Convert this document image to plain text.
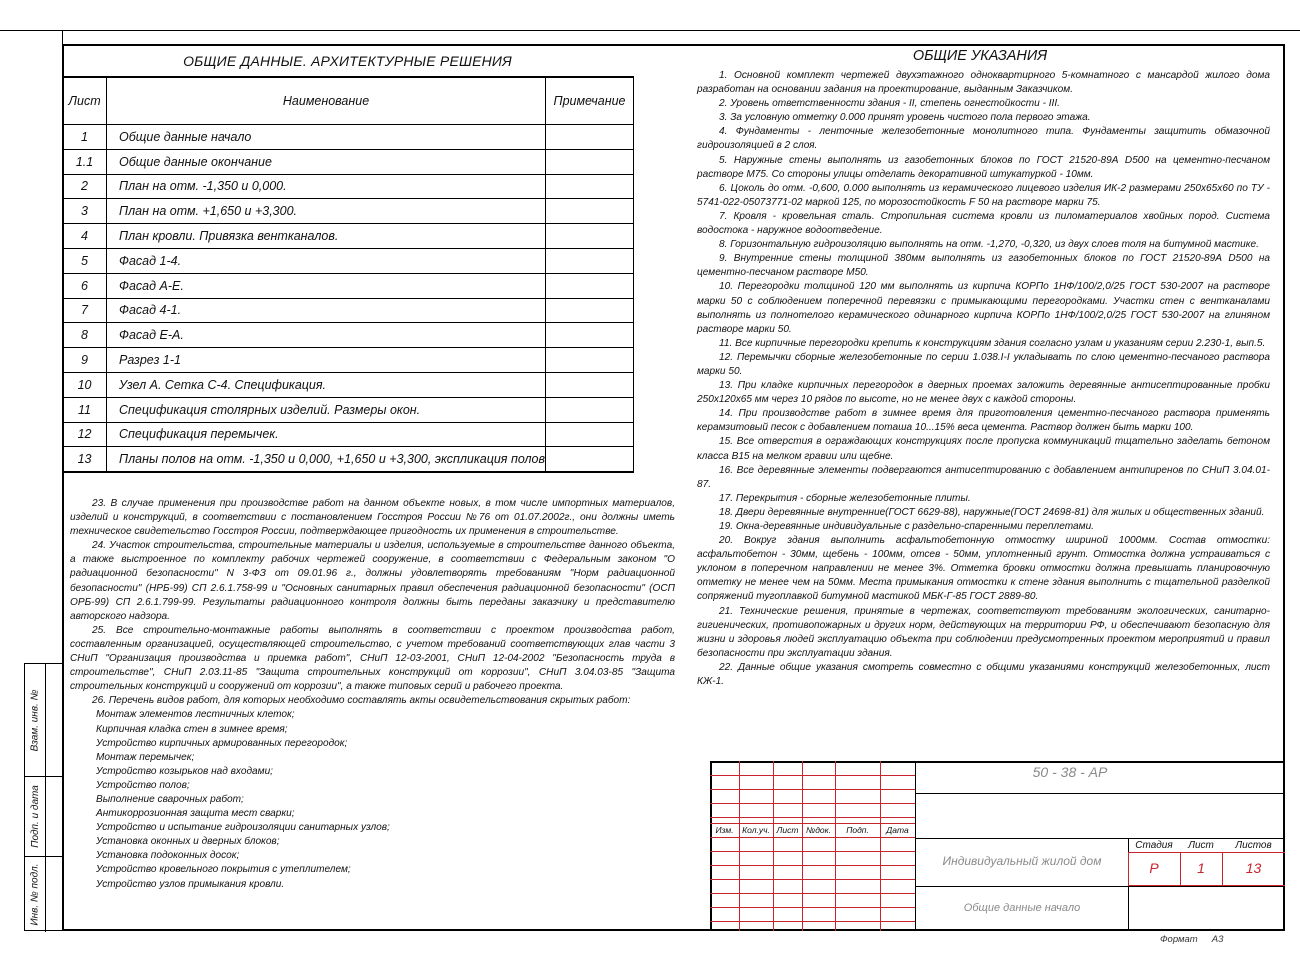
Взам. инв. №
Подп. и дата
Инв. № подл.
ОБЩИЕ ДАННЫЕ. АРХИТЕКТУРНЫЕ РЕШЕНИЯ
Лист	Наименование	Примечание
1	Общие данные начало	
1.1	Общие данные окончание	
2	План на отм. -1,350 и 0,000.	
3	План на отм. +1,650 и +3,300.	
4	План кровли. Привязка вентканалов.	
5	Фасад 1-4.	
6	Фасад А-Е.	
7	Фасад 4-1.	
8	Фасад Е-А.	
9	Разрез 1-1	
10	Узел А. Сетка С-4. Спецификация.	
11	Спецификация столярных изделий. Размеры окон.	
12	Спецификация перемычек.	
13	Планы полов на отм. -1,350 и 0,000, +1,650 и +3,300, экспликация полов	
ОБЩИЕ УКАЗАНИЯ

1. Основной комплект чертежей двухэтажного одноквартирного 5-комнатного с мансардой жилого дома разработан на основании задания на проектирование, выданным Заказчиком.

2. Уровень ответственности здания - II, степень огнестойкости - III.

3. За условную отметку 0.000 принят уровень чистого пола первого этажа.

4. Фундаменты - ленточные железобетонные монолитного типа. Фундаменты защитить обмазочной гидроизоляцией в 2 слоя.

5. Наружные стены выполнять из газобетонных блоков по ГОСТ 21520-89А D500 на цементно-песчаном растворе М75. Со стороны улицы отделать декоративной штукатуркой - 10мм.

6. Цоколь до отм. -0,600, 0.000 выполнять из керамического лицевого изделия ИК-2 размерами 250х65х60 по ТУ - 5741-022-05073771-02 маркой 125, по морозостойкость F 50 на растворе марки 75.

7. Кровля - кровельная сталь. Стропильная система кровли из пиломатериалов хвойных пород. Система водостока - наружное водоотведение.

8. Горизонтальную гидроизоляцию выполнять на отм. -1,270, -0,320, из двух слоев толя на битумной мастике.

9. Внутренние стены толщиной 380мм выполнять из газобетонных блоков по ГОСТ 21520-89А D500 на цементно-песчаном растворе М50.

10. Перегородки толщиной 120 мм выполнять из кирпича КОРПо 1НФ/100/2,0/25 ГОСТ 530-2007 на растворе марки 50 с соблюдением поперечной перевязки с примыкающими перегородками. Участки стен с вентканалами выполнять из полнотелого керамического одинарного кирпича КОРПо 1НФ/100/2,0/25 ГОСТ 530-2007 на глиняном растворе марки 50.

11. Все кирпичные перегородки крепить к конструкциям здания согласно узлам и указаниям серии 2.230-1, вып.5.

12. Перемычки сборные железобетонные по серии 1.038.I-I укладывать по слою цементно-песчаного раствора марки 50.

13. При кладке кирпичных перегородок в дверных проемах заложить деревянные антисептированные пробки 250х120х65 мм через 10 рядов по высоте, но не менее двух с каждой стороны.

14. При производстве работ в зимнее время для приготовления цементно-песчаного раствора применять керамзитовый песок с добавлением поташа 10...15% веса цемента. Раствор должен быть марки 100.

15. Все отверстия в ограждающих конструкциях после пропуска коммуникаций тщательно заделать бетоном класса В15 на мелком гравии или щебне.

16. Все деревянные элементы подвергаются антисептированию с добавлением антипиренов по СНиП 3.04.01-87.

17. Перекрытия - сборные железобетонные плиты.

18. Двери деревянные внутренние(ГОСТ 6629-88), наружные(ГОСТ 24698-81) для жилых и общественных зданий.

19. Окна-деревянные индивидуальные с раздельно-спаренными переплетами.

20. Вокруг здания выполнить асфальтобетонную отмостку шириной 1000мм. Состав отмостки: асфальтобетон - 30мм, щебень - 100мм, отсев - 50мм, уплотненный грунт. Отмостка должна устраиваться с уклоном в поперечном направлении не менее 3%. Отметка бровки отмостки должна превышать планировочную отметку не менее чем на 50мм. Места примыкания отмостки к стене здания выполнить с тщательной разделкой сопряжений тугоплавкой битумной мастикой МБК-Г-85 ГОСТ 2889-80.

21. Технические решения, принятые в чертежах, соответствуют требованиям экологических, санитарно-гигиенических, противопожарных и других норм, действующих на территории РФ, и обеспечивают безопасную для жизни и здоровья людей эксплуатацию объекта при соблюдении предусмотренных проектом мероприятий и правил безопасности при эксплуатации здания.

22. Данные общие указания смотреть совместно с общими указаниями конструкций железобетонных, лист КЖ-1.

23. В случае применения при производстве работ на данном объекте новых, в том числе импортных материалов, изделий и конструкций, в соответствии с постановлением Госстроя России №76 от 01.07.2002г., они должны иметь техническое свидетельство Госстроя России, подтверждающее пригодность их применения в строительстве.

24. Участок строительства, строительные материалы и изделия, используемые в строительстве данного объекта, а также выстроенное по комплекту рабочих чертежей сооружение, в соответствии с Федеральным законом "О радиационной безопасности" N 3-ФЗ от 09.01.96 г., должны удовлетворять требованиям "Норм радиационной безопасности" (НРБ-99) СП 2.6.1.758-99 и "Основных санитарных правил обеспечения радиационной безопасности" (ОСП ОРБ-99) СП 2.6.1.799-99. Результаты радиационного контроля должны быть переданы заказчику и представителю авторского надзора.

25. Все строительно-монтажные работы выполнять в соответствии с проектом производства работ, составленным организацией, осуществляющей строительство, с учетом требований соответствующих глав части 3 СНиП "Организация производства и приемка работ", СНиП 12-03-2001, СНиП 12-04-2002 "Безопасность труда в строительстве", СНиП 2.03.11-85 "Защита строительных конструкций от коррозии", СНиП 3.04.03-85 "Защита строительных конструкций и сооружений от коррозии", а также типовых серий и рабочего проекта.

26. Перечень видов работ, для которых необходимо составлять акты освидетельствования скрытых работ:

Монтаж элементов лестничных клеток;

Кирпичная кладка стен в зимнее время;

Устройство кирпичных армированных перегородок;

Монтаж перемычек;

Устройство козырьков над входами;

Устройство полов;

Выполнение сварочных работ;

Антикоррозионная защита мест сварки;

Устройство и испытание гидроизоляции санитарных узлов;

Установка оконных и дверных блоков;

Установка подоконных досок;

Устройство кровельного покрытия с утеплителем;

Устройство узлов примыкания кровли.

Изм.	Кол.уч. Лист №док.	Подп.	Дата
50 - 38 - АР
Индивидуальный жилой дом
Общие данные начало
Стадия	Лист	Листов
Р	1	13
Формат А3
